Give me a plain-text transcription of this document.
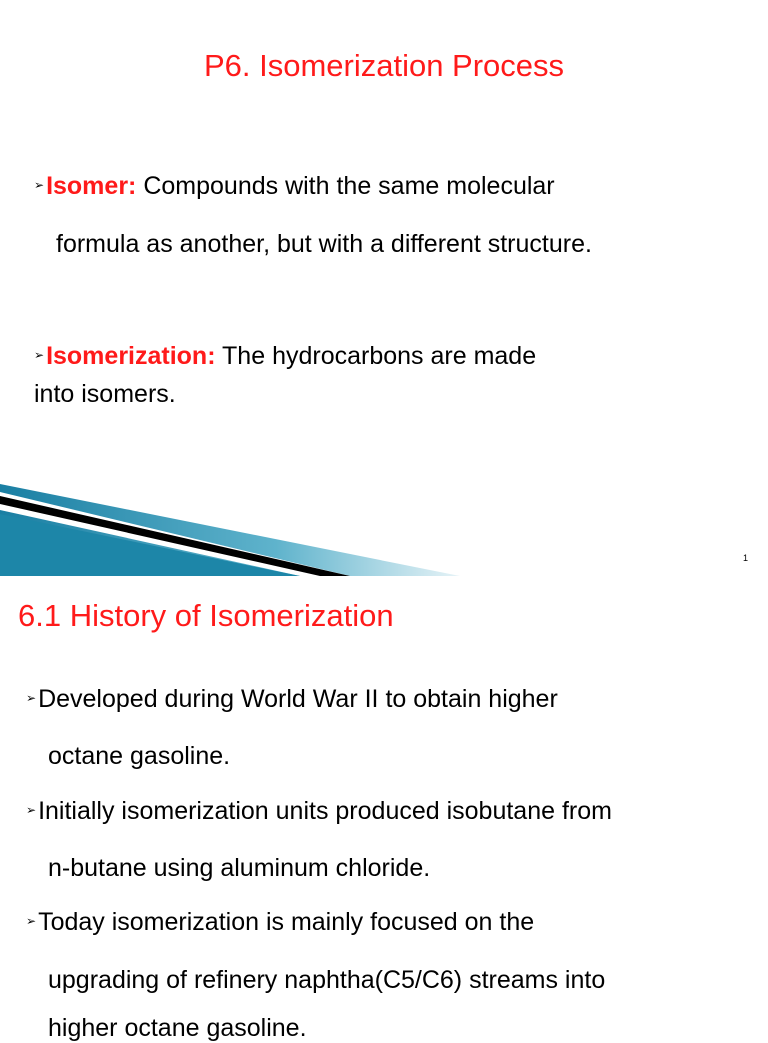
P6. Isomerization Process
➢Isomer: Compounds with the same molecular
formula as another, but with a different structure.
➢Isomerization: The hydrocarbons are made
into isomers.
1
6.1 History of Isomerization
➢Developed during World War II to obtain higher
octane gasoline.
➢Initially isomerization units produced isobutane from
n-butane using aluminum chloride.
➢Today isomerization is mainly focused on the
upgrading of refinery naphtha(C5/C6) streams into
higher octane gasoline.
